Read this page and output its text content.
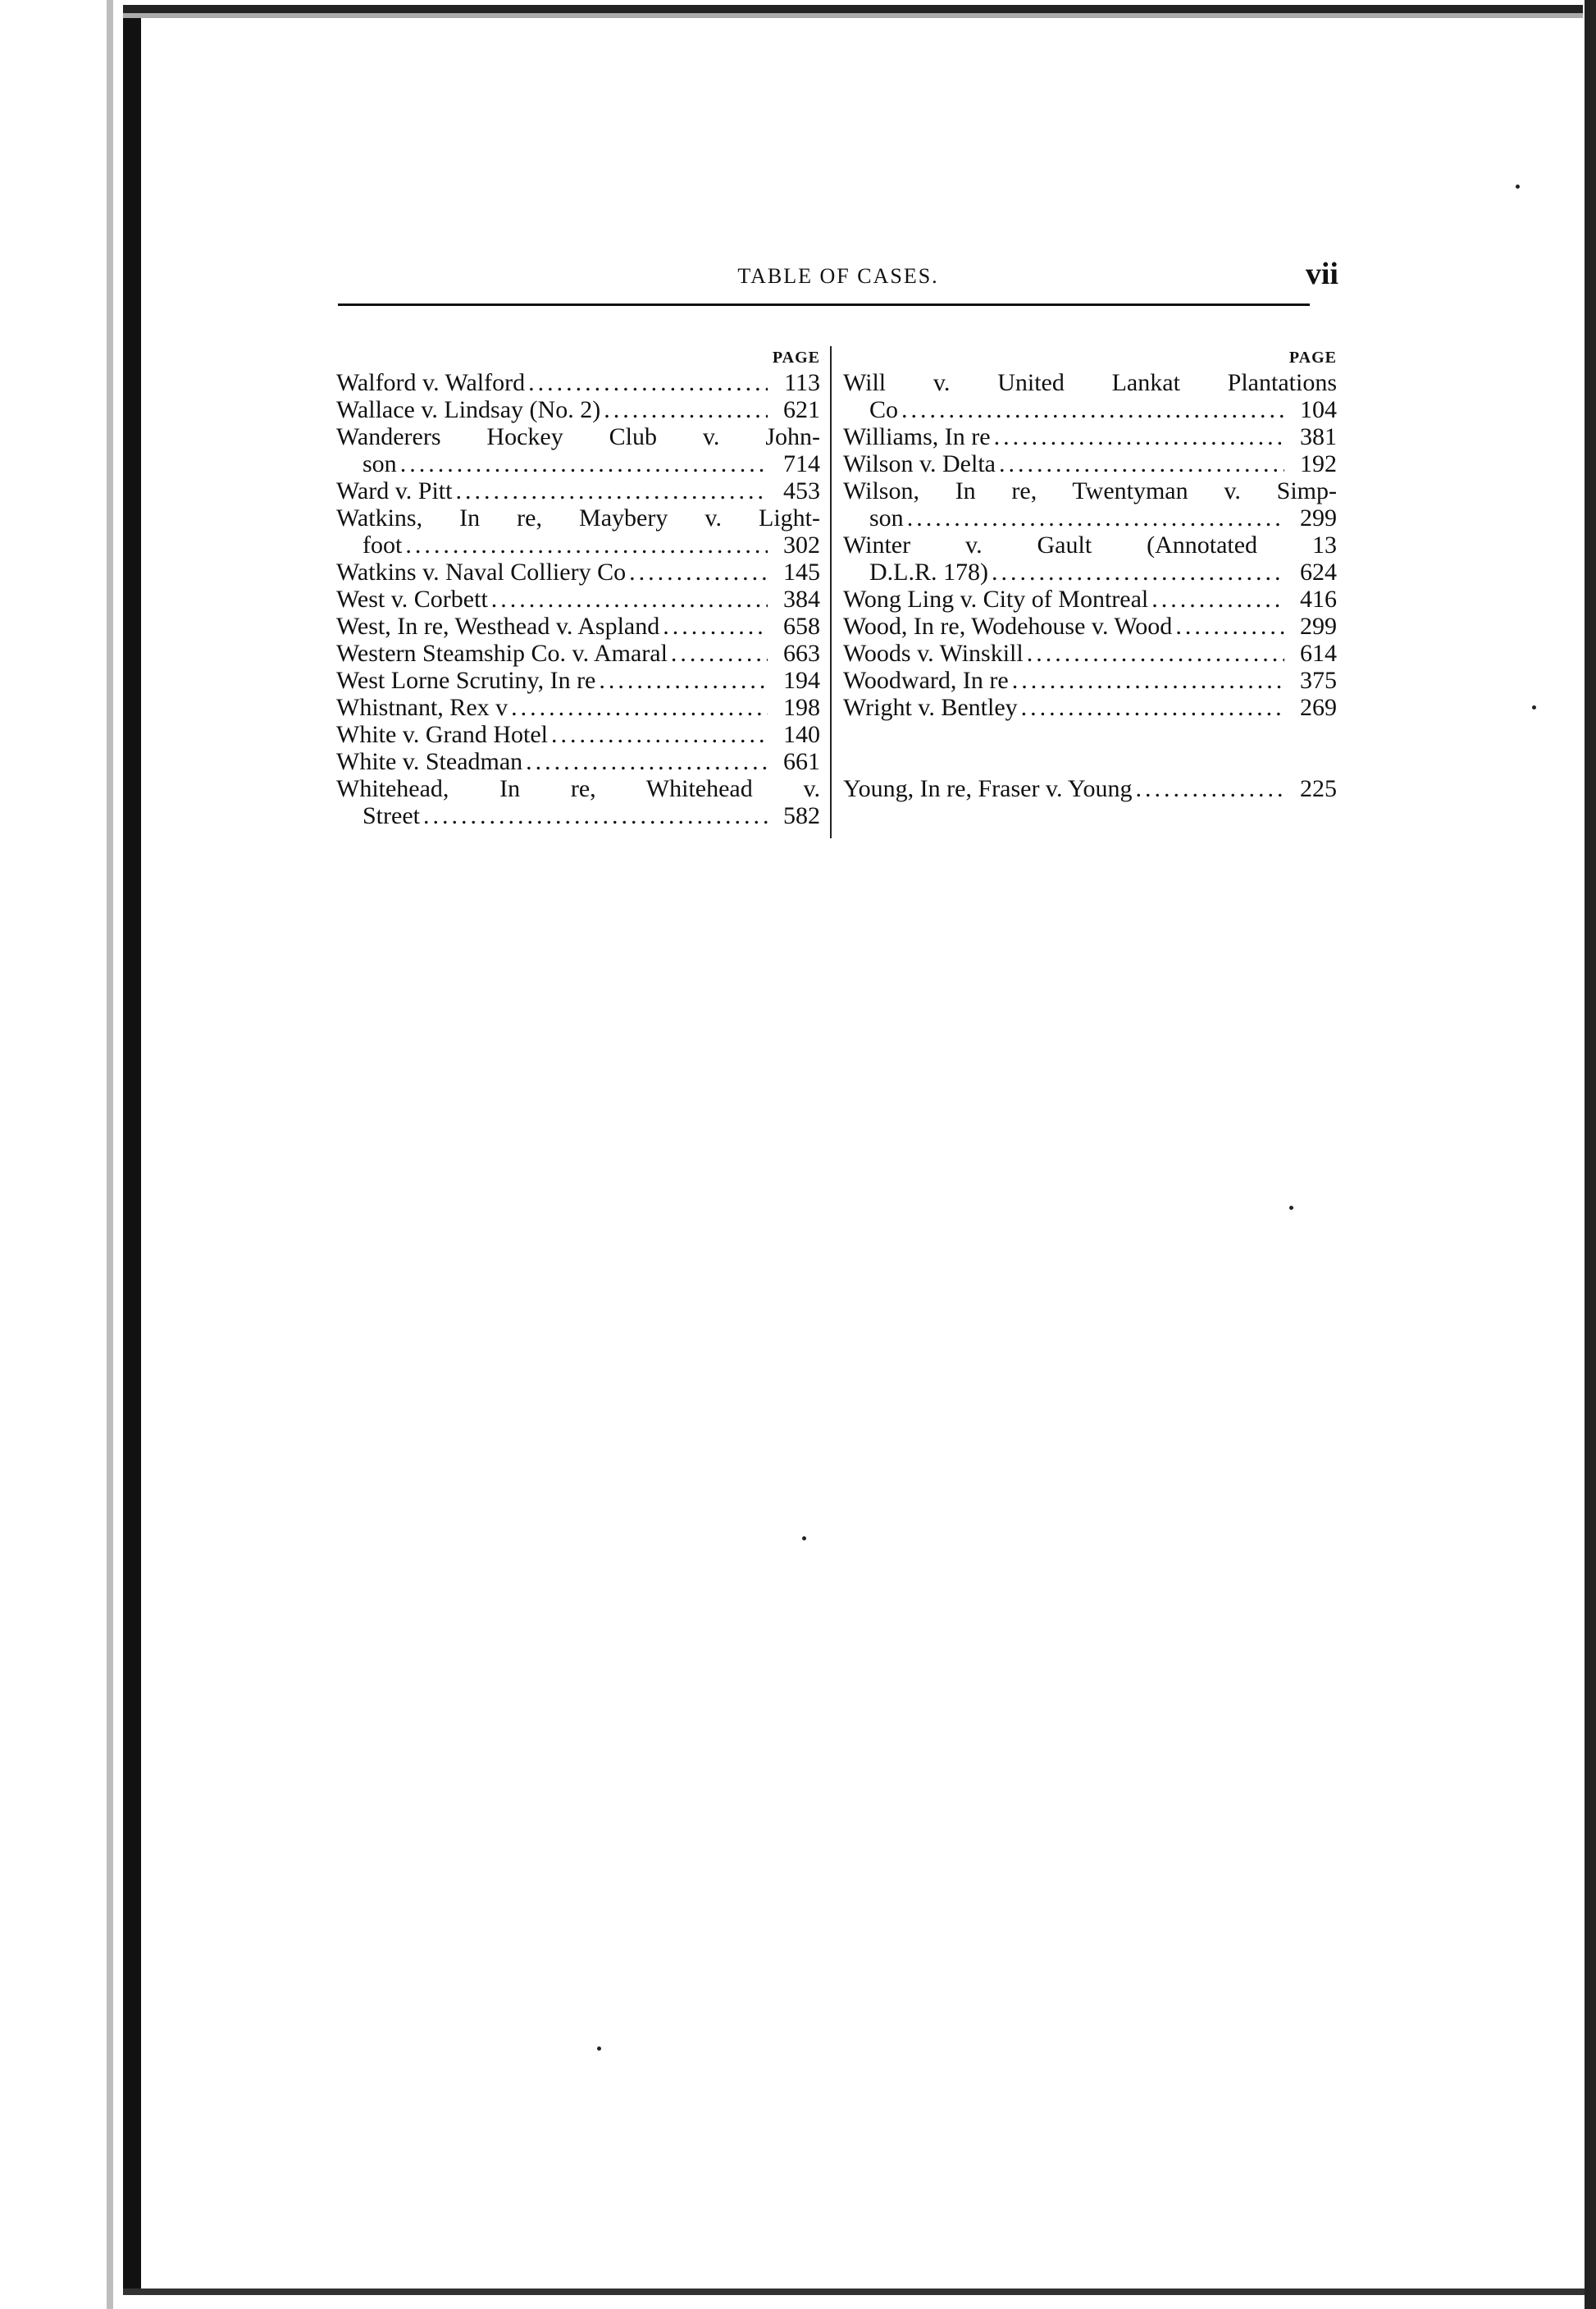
TABLE OF CASES.	vii
PAGE
Walford v. Walford .....	113
Wallace v. Lindsay (No. 2) .....	621
Wanderers Hockey Club v. John-
son .....	714
Ward v. Pitt .....	453
Watkins, In re, Maybery v. Light-
foot .....	302
Watkins v. Naval Colliery Co .....	145
West v. Corbett .....	384
West, In re, Westhead v. Aspland .....	658
Western Steamship Co. v. Amaral .....	663
West Lorne Scrutiny, In re .....	194
Whistnant, Rex v .....	198
White v. Grand Hotel .....	140
White v. Steadman .....	661
Whitehead, In re, Whitehead v.
Street .....	582
PAGE
Will v. United Lankat Plantations
Co .....	104
Williams, In re .....	381
Wilson v. Delta .....	192
Wilson, In re, Twentyman v. Simp-
son .....	299
Winter v. Gault (Annotated 13
D.L.R. 178) .....	624
Wong Ling v. City of Montreal .....	416
Wood, In re, Wodehouse v. Wood .....	299
Woods v. Winskill .....	614
Woodward, In re .....	375
Wright v. Bentley .....	269
Young, In re, Fraser v. Young .....	225
